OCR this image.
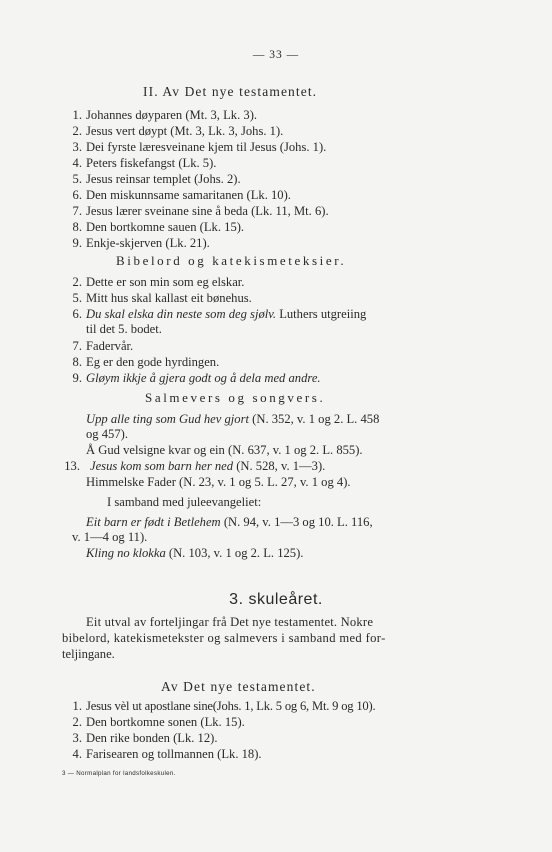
— 33 —
II. Av Det nye testamentet.
1. Johannes døyparen (Mt. 3, Lk. 3).
2. Jesus vert døypt (Mt. 3, Lk. 3, Johs. 1).
3. Dei fyrste læresveinane kjem til Jesus (Johs. 1).
4. Peters fiskefangst (Lk. 5).
5. Jesus reinsar templet (Johs. 2).
6. Den miskunnsame samaritanen (Lk. 10).
7. Jesus lærer sveinane sine å beda (Lk. 11, Mt. 6).
8. Den bortkomne sauen (Lk. 15).
9. Enkje-skjerven (Lk. 21).
Bibelord og katekismeteksier.
2. Dette er son min som eg elskar.
5. Mitt hus skal kallast eit bønehus.
6. Du skal elska din neste som deg sjølv. Luthers utgreiing
til det 5. bodet.
7. Fadervår.
8. Eg er den gode hyrdingen.
9. Gløym ikkje å gjera godt og å dela med andre.
Salmevers og songvers.
Upp alle ting som Gud hev gjort (N. 352, v. 1 og 2. L. 458
og 457).
Å Gud velsigne kvar og ein (N. 637, v. 1 og 2. L. 855).
13. Jesus kom som barn her ned (N. 528, v. 1—3).
Himmelske Fader (N. 23, v. 1 og 5. L. 27, v. 1 og 4).
I samband med juleevangeliet:
Eit barn er født i Betlehem (N. 94, v. 1—3 og 10. L. 116,
v. 1—4 og 11).
Kling no klokka (N. 103, v. 1 og 2. L. 125).
3. skuleåret.
Eit utval av forteljingar frå Det nye testamentet. Nokre
bibelord, katekismetekster og salmevers i samband med for-
teljingane.
Av Det nye testamentet.
1. Jesus vèl ut apostlane sine(Johs. 1, Lk. 5 og 6, Mt. 9 og 10).
2. Den bortkomne sonen (Lk. 15).
3. Den rike bonden (Lk. 12).
4. Farisearen og tollmannen (Lk. 18).
3 — Normalplan for landsfolkeskulen.
